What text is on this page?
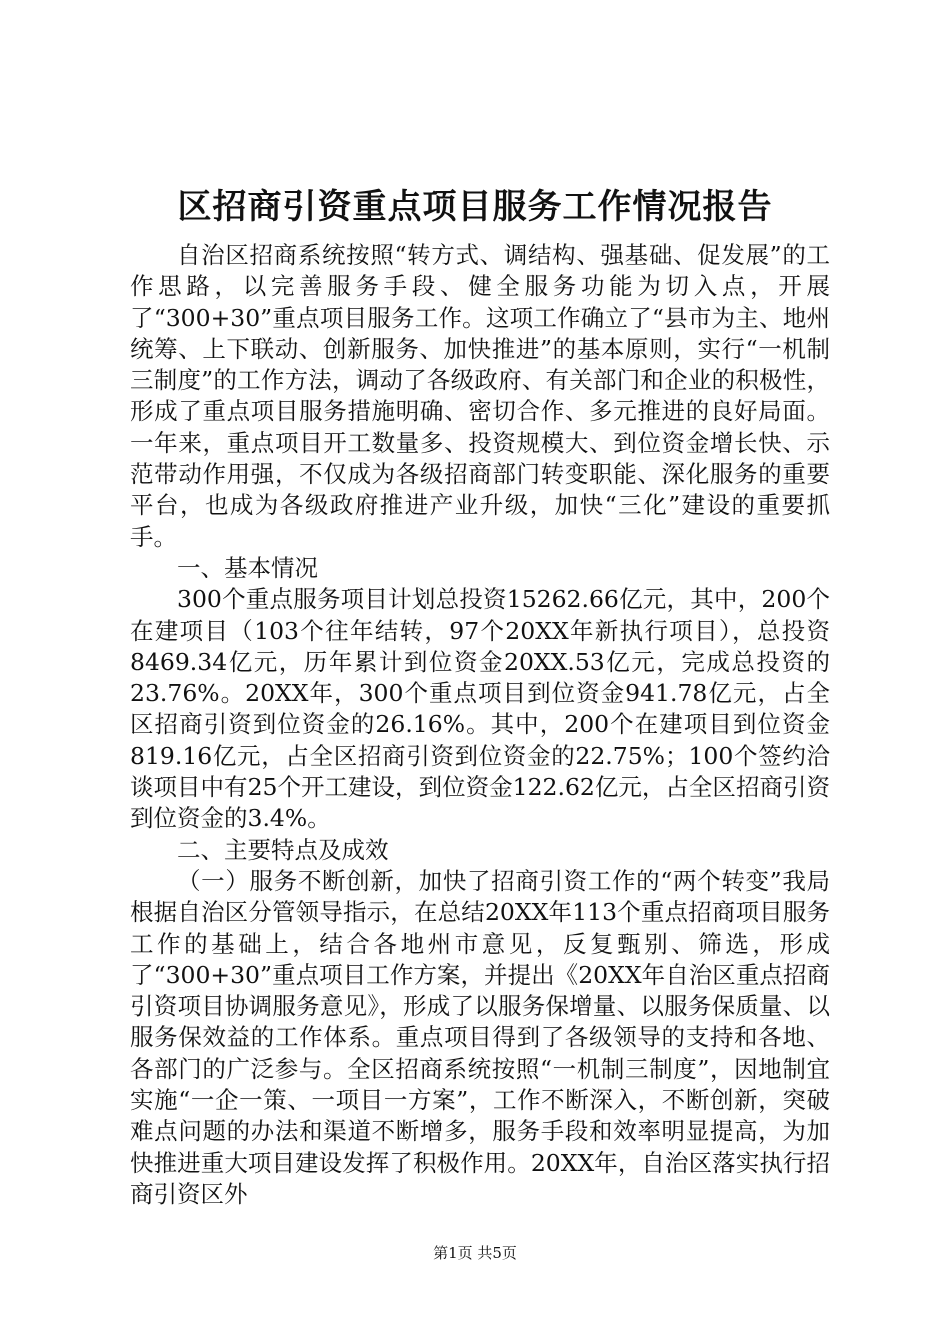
区招商引资重点项目服务工作情况报告

自治区招商系统按照“转方式、调结构、强基础、促发展”的工作思路，以完善服务手段、健全服务功能为切入点，开展了“300+30”重点项目服务工作。这项工作确立了“县市为主、地州统筹、上下联动、创新服务、加快推进”的基本原则，实行“一机制三制度”的工作方法，调动了各级政府、有关部门和企业的积极性，形成了重点项目服务措施明确、密切合作、多元推进的良好局面。一年来，重点项目开工数量多、投资规模大、到位资金增长快、示范带动作用强，不仅成为各级招商部门转变职能、深化服务的重要平台，也成为各级政府推进产业升级，加快“三化”建设的重要抓手。

一、基本情况

300个重点服务项目计划总投资15262.66亿元，其中，200个在建项目（103个往年结转，97个20XX年新执行项目），总投资8469.34亿元，历年累计到位资金20XX.53亿元，完成总投资的23.76%。20XX年，300个重点项目到位资金941.78亿元，占全区招商引资到位资金的26.16%。其中，200个在建项目到位资金819.16亿元，占全区招商引资到位资金的22.75%；100个签约洽谈项目中有25个开工建设，到位资金122.62亿元，占全区招商引资到位资金的3.4%。

二、主要特点及成效

（一）服务不断创新，加快了招商引资工作的“两个转变”我局根据自治区分管领导指示，在总结20XX年113个重点招商项目服务工作的基础上，结合各地州市意见，反复甄别、筛选，形成了“300+30”重点项目工作方案，并提出《20XX年自治区重点招商引资项目协调服务意见》，形成了以服务保增量、以服务保质量、以服务保效益的工作体系。重点项目得到了各级领导的支持和各地、各部门的广泛参与。全区招商系统按照“一机制三制度”，因地制宜实施“一企一策、一项目一方案”，工作不断深入，不断创新，突破难点问题的办法和渠道不断增多，服务手段和效率明显提高，为加快推进重大项目建设发挥了积极作用。20XX年，自治区落实执行招商引资区外

第1页 共5页
